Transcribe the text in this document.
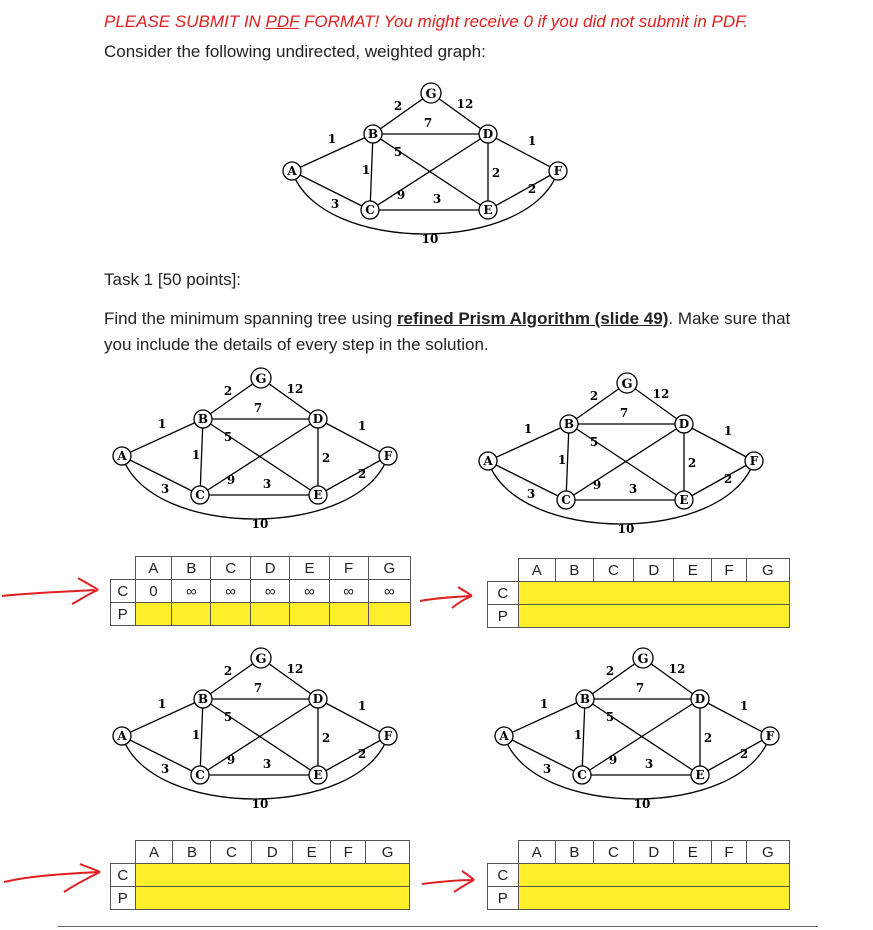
PLEASE SUBMIT IN PDF FORMAT! You might receive 0 if you did not submit in PDF.
Consider the following undirected, weighted graph:
A
B
C
D
E
F
G
1
3
1
2
7
5
9 3
12
2
1
2
10
Task 1 [50 points]:
Find the minimum spanning tree using refined Prism Algorithm (slide 49). Make sure that you include the details of every step in the solution.
A
B
C
D
E
F
G
1
3
1
2
7
5
9 3
12
2
1
2
10
A
B
C
D
E
F
G
1
3
1
2
7
5
9 3
12
2
1
2
10
A
B
C
D
E
F
G
1
3
1
2
7
5
9 3
12
2
1
2
10
A
B
C
D
E
F
G
1
3
1
2
7
5
9 3
12
2
1
2
10
	A	B	C	D	E	F	G
C	0	∞	∞	∞	∞	∞	∞
P							
	A	B	C	D	E	F	G
C							
P							
	A	B	C	D	E	F	G
C							
P							
	A	B	C	D	E	F	G
C							
P							
